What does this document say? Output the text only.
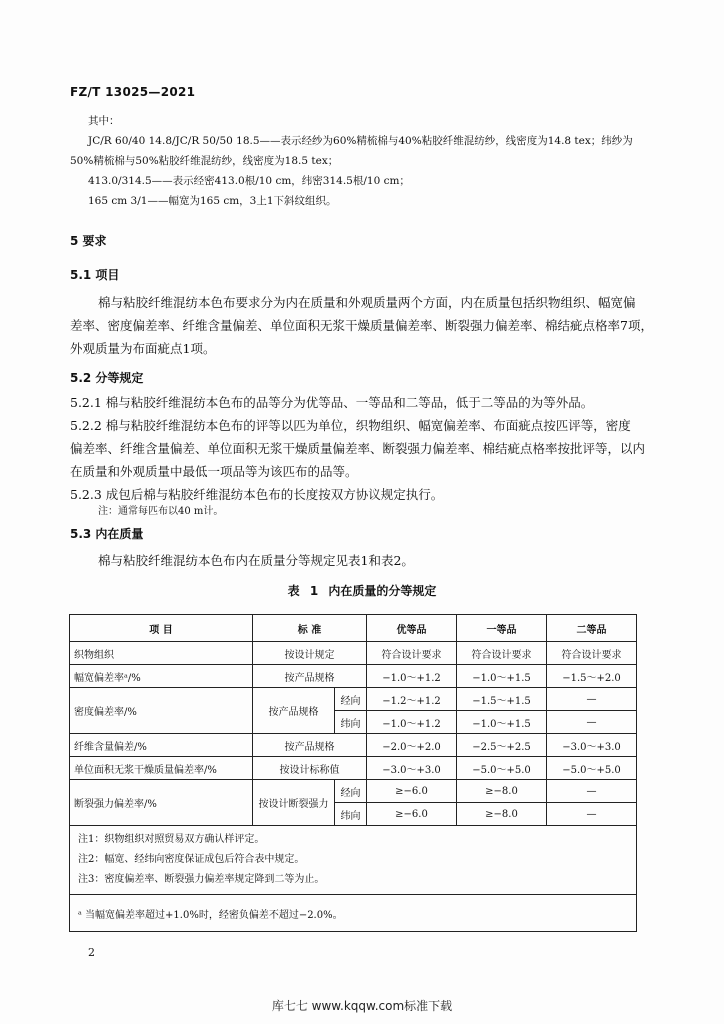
FZ/T 13025—2021
其中：
JC/R 60/40 14.8/JC/R 50/50 18.5——表示经纱为60%精梳棉与40%粘胶纤维混纺纱，线密度为14.8 tex；纬纱为
50%精梳棉与50%粘胶纤维混纺纱，线密度为18.5 tex；
413.0/314.5——表示经密413.0根/10 cm，纬密314.5根/10 cm；
165 cm 3/1——幅宽为165 cm，3上1下斜纹组织。
5 要求
5.1 项目
棉与粘胶纤维混纺本色布要求分为内在质量和外观质量两个方面，内在质量包括织物组织、幅宽偏
差率、密度偏差率、纤维含量偏差、单位面积无浆干燥质量偏差率、断裂强力偏差率、棉结疵点格率7项，
外观质量为布面疵点1项。
5.2 分等规定
5.2.1 棉与粘胶纤维混纺本色布的品等分为优等品、一等品和二等品，低于二等品的为等外品。
5.2.2 棉与粘胶纤维混纺本色布的评等以匹为单位，织物组织、幅宽偏差率、布面疵点按匹评等，密度
偏差率、纤维含量偏差、单位面积无浆干燥质量偏差率、断裂强力偏差率、棉结疵点格率按批评等，以内
在质量和外观质量中最低一项品等为该匹布的品等。
5.2.3 成包后棉与粘胶纤维混纺本色布的长度按双方协议规定执行。
注：通常每匹布以40 m计。
5.3 内在质量
棉与粘胶纤维混纺本色布内在质量分等规定见表1和表2。
表 1 内在质量的分等规定
项 目	标 准		优等品	一等品	二等品
织物组织	按设计规定		符合设计要求	符合设计要求	符合设计要求
幅宽偏差率ᵃ/%	按产品规格		−1.0～+1.2	−1.0～+1.5	−1.5～+2.0
密度偏差率/%	按产品规格	经向	−1.2～+1.2	−1.5～+1.5	—
		纬向	−1.0～+1.2	−1.0～+1.5	—
纤维含量偏差/%	按产品规格		−2.0～+2.0	−2.5～+2.5	−3.0～+3.0
单位面积无浆干燥质量偏差率/%	按设计标称值		−3.0～+3.0	−5.0～+5.0	−5.0～+5.0
断裂强力偏差率/%	按设计断裂强力	经向	≥−6.0	≥−8.0	—
		纬向	≥−6.0	≥−8.0	—

注1：织物组织对照贸易双方确认样评定。
注2：幅宽、经纬向密度保证成包后符合表中规定。
注3：密度偏差率、断裂强力偏差率规定降到二等为止。					

ᵃ 当幅宽偏差率超过+1.0%时，经密负偏差不超过−2.0%。					
2
库七七 www.kqqw.com标准下载
